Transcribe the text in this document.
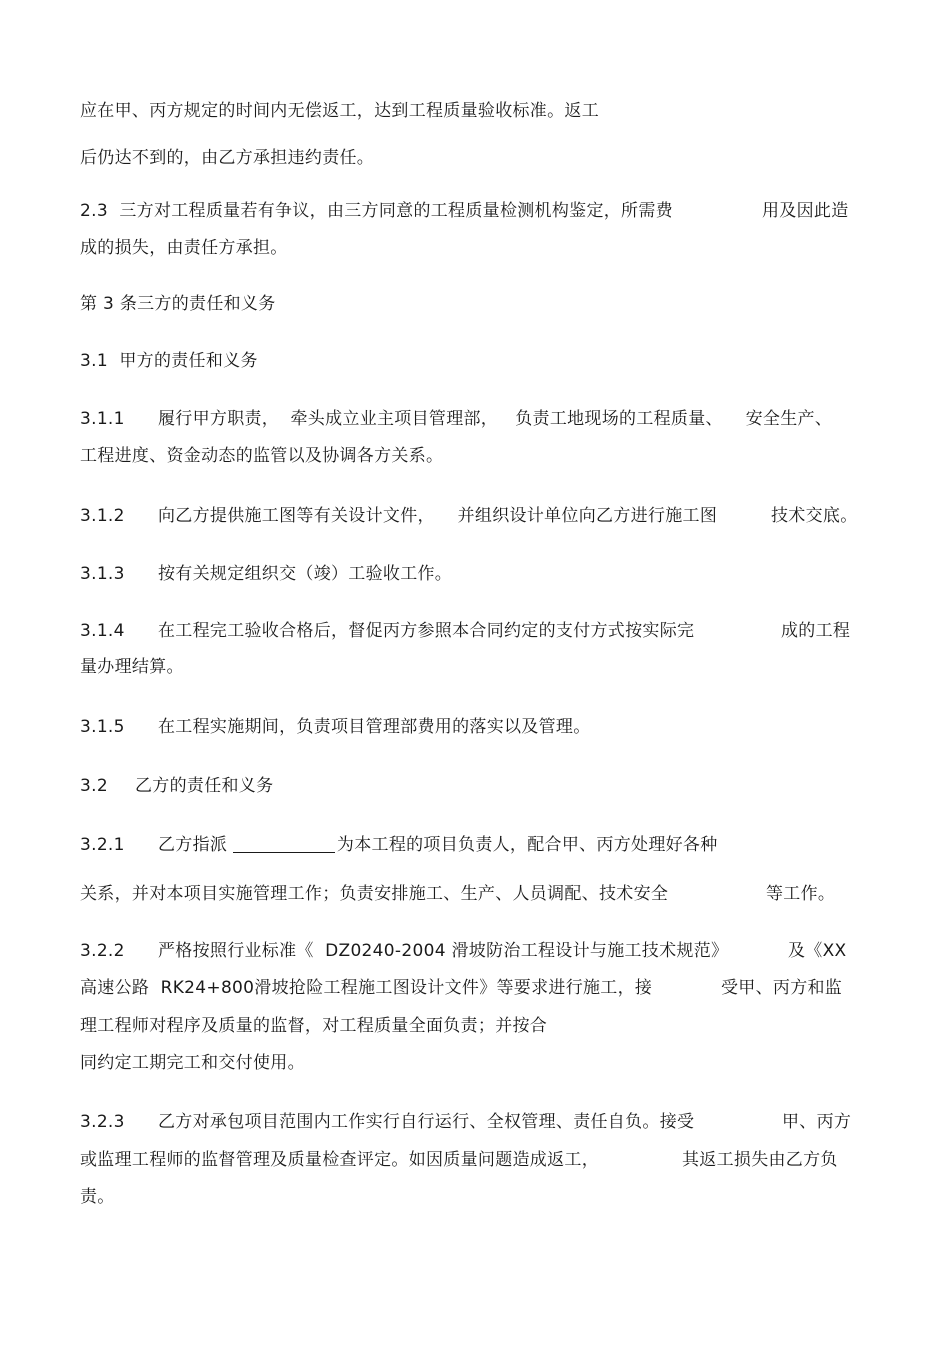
应在甲、丙方规定的时间内无偿返工，达到工程质量验收标准。返工
后仍达不到的，由乙方承担违约责任。
2.3  三方对工程质量若有争议，由三方同意的工程质量检测机构鉴定，所需费	用及因此造
成的损失，由责任方承担。
第 3 条三方的责任和义务
3.1  甲方的责任和义务
3.1.1 履行甲方职责，  牵头成立业主项目管理部，   负责工地现场的工程质量、    安全生产、
工程进度、资金动态的监管以及协调各方关系。
3.1.2 向乙方提供施工图等有关设计文件，    并组织设计单位向乙方进行施工图	技术交底。
3.1.3 按有关规定组织交（竣）工验收工作。
3.1.4 在工程完工验收合格后，督促丙方参照本合同约定的支付方式按实际完	成的工程
量办理结算。
3.1.5 在工程实施期间，负责项目管理部费用的落实以及管理。
3.2 乙方的责任和义务
3.2.1 乙方指派	为本工程的项目负责人，配合甲、丙方处理好各种
关系，并对本项目实施管理工作；负责安排施工、生产、人员调配、技术安全	等工作。
3.2.2 严格按照行业标准《  DZ0240-2004 滑坡防治工程设计与施工技术规范》	及《XX
高速公路  RK24+800滑坡抢险工程施工图设计文件》等要求进行施工，接	受甲、丙方和监
理工程师对程序及质量的监督，对工程质量全面负责；并按合
同约定工期完工和交付使用。
3.2.3 乙方对承包项目范围内工作实行自行运行、全权管理、责任自负。接受	甲、丙方
或监理工程师的监督管理及质量检查评定。如因质量问题造成返工，	其返工损失由乙方负
责。
